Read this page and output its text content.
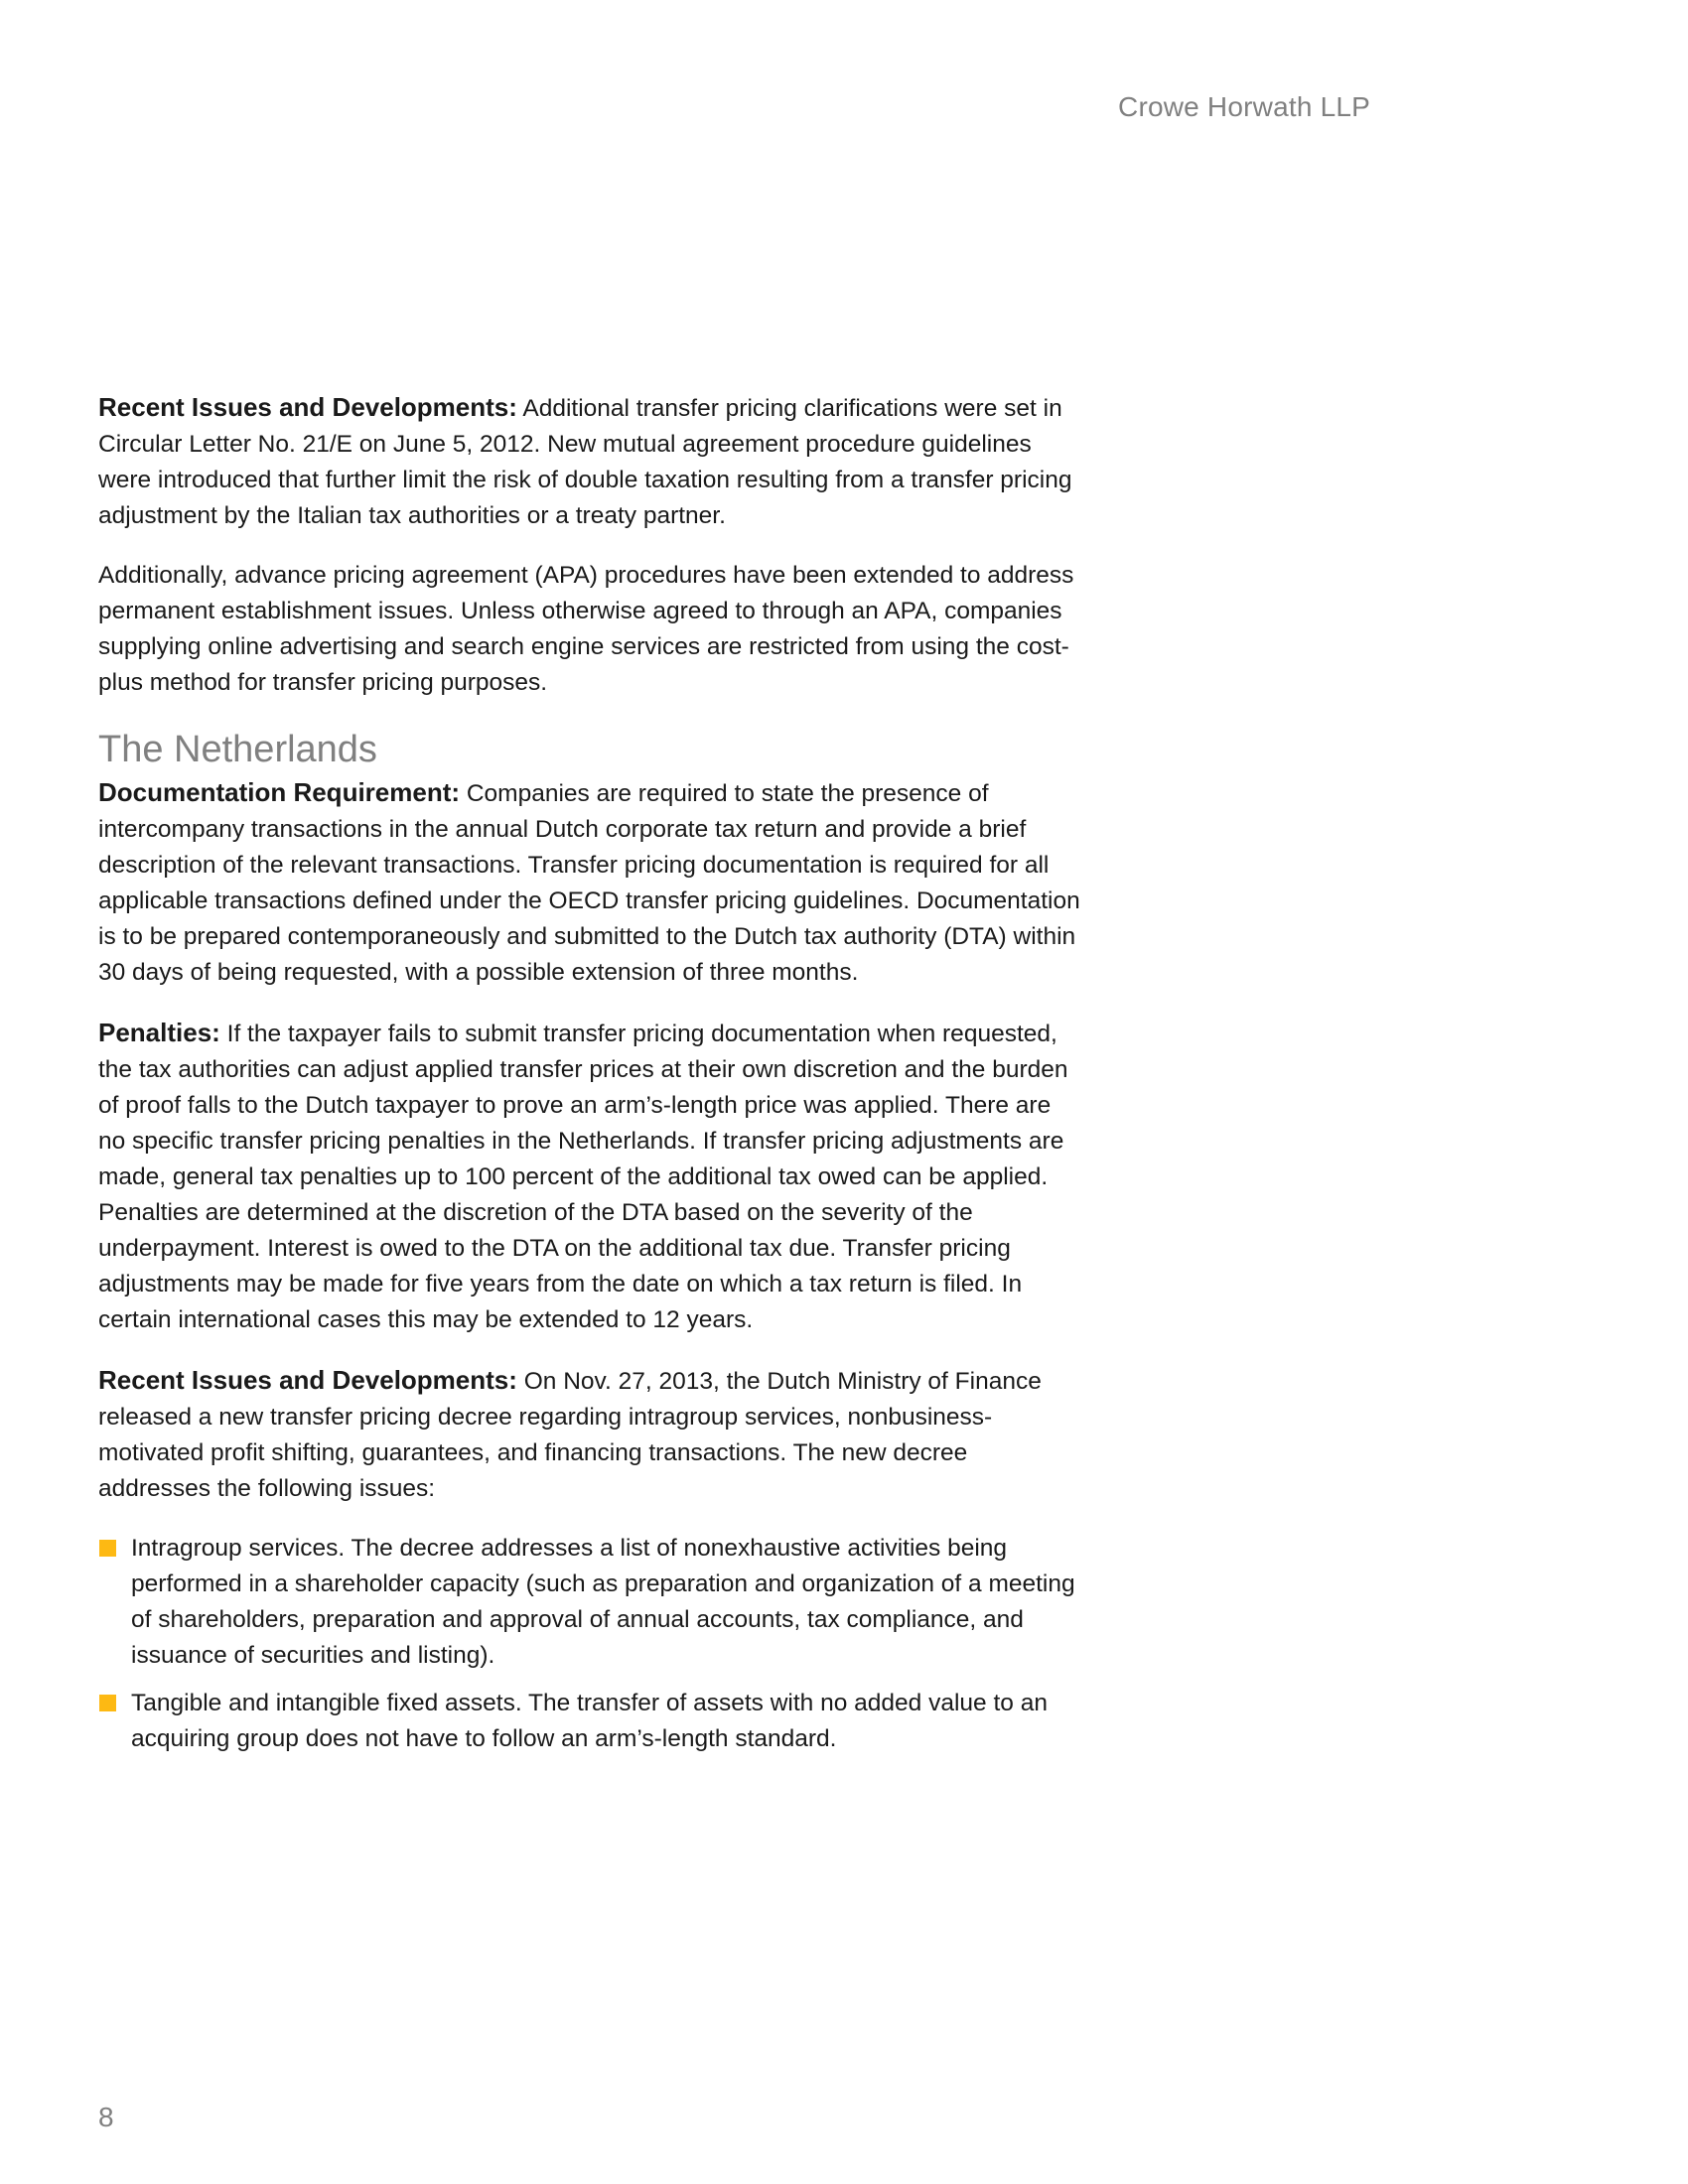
Crowe Horwath LLP

Recent Issues and Developments: Additional transfer pricing clarifications were set in Circular Letter No. 21/E on June 5, 2012. New mutual agreement procedure guidelines were introduced that further limit the risk of double taxation resulting from a transfer pricing adjustment by the Italian tax authorities or a treaty partner.

Additionally, advance pricing agreement (APA) procedures have been extended to address permanent establishment issues. Unless otherwise agreed to through an APA, companies supplying online advertising and search engine services are restricted from using the cost-plus method for transfer pricing purposes.

The Netherlands

Documentation Requirement: Companies are required to state the presence of intercompany transactions in the annual Dutch corporate tax return and provide a brief description of the relevant transactions. Transfer pricing documentation is required for all applicable transactions defined under the OECD transfer pricing guidelines. Documentation is to be prepared contemporaneously and submitted to the Dutch tax authority (DTA) within 30 days of being requested, with a possible extension of three months.

Penalties: If the taxpayer fails to submit transfer pricing documentation when requested, the tax authorities can adjust applied transfer prices at their own discretion and the burden of proof falls to the Dutch taxpayer to prove an arm’s-length price was applied. There are no specific transfer pricing penalties in the Netherlands. If transfer pricing adjustments are made, general tax penalties up to 100 percent of the additional tax owed can be applied. Penalties are determined at the discretion of the DTA based on the severity of the underpayment. Interest is owed to the DTA on the additional tax due. Transfer pricing adjustments may be made for five years from the date on which a tax return is filed. In certain international cases this may be extended to 12 years.

Recent Issues and Developments: On Nov. 27, 2013, the Dutch Ministry of Finance released a new transfer pricing decree regarding intragroup services, nonbusiness-motivated profit shifting, guarantees, and financing transactions. The new decree addresses the following issues:

Intragroup services. The decree addresses a list of nonexhaustive activities being performed in a shareholder capacity (such as preparation and organization of a meeting of shareholders, preparation and approval of annual accounts, tax compliance, and issuance of securities and listing).
Tangible and intangible fixed assets. The transfer of assets with no added value to an acquiring group does not have to follow an arm’s-length standard.
8
